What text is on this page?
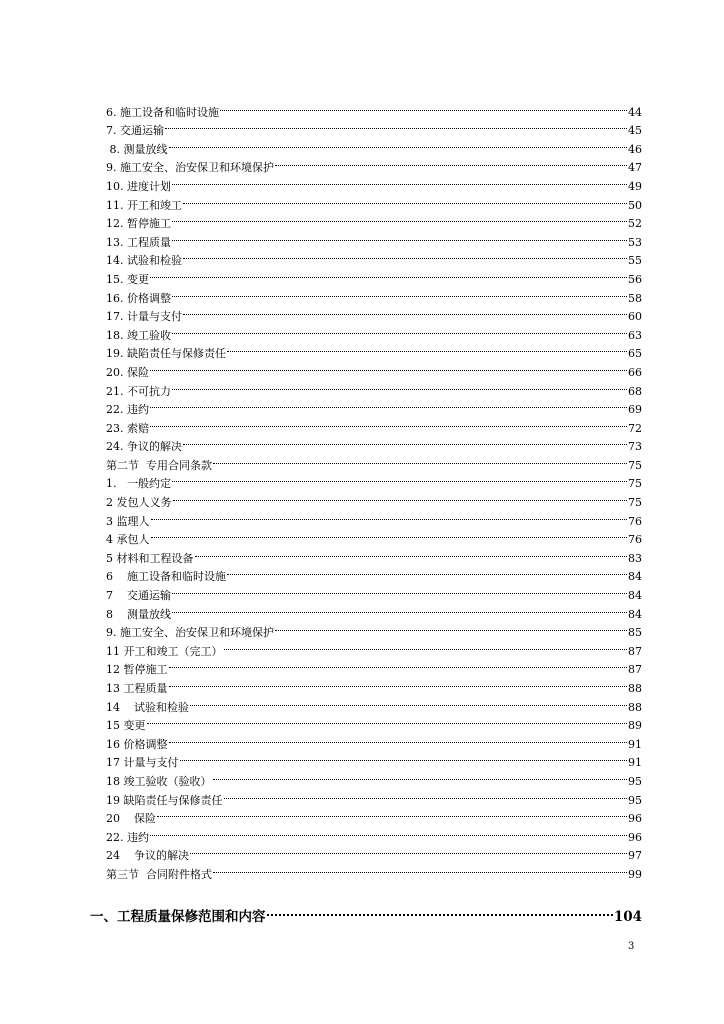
6. 施工设备和临时设施	44
7. 交通运输	45
8. 测量放线	46
9. 施工安全、治安保卫和环境保护	47
10. 进度计划	49
11. 开工和竣工	50
12. 暂停施工	52
13. 工程质量	53
14. 试验和检验	55
15. 变更	56
16. 价格调整	58
17. 计量与支付	60
18. 竣工验收	63
19. 缺陷责任与保修责任	65
20. 保险	66
21. 不可抗力	68
22. 违约	69
23. 索赔	72
24. 争议的解决	73
第二节  专用合同条款	75
1.   一般约定	75
2 发包人义务	75
3 监理人	76
4 承包人	76
5 材料和工程设备	83
6    施工设备和临时设施	84
7    交通运输	84
8    测量放线	84
9. 施工安全、治安保卫和环境保护	85
11 开工和竣工（完工）	87
12 暂停施工	87
13 工程质量	88
14    试验和检验	88
15 变更	89
16 价格调整	91
17 计量与支付	91
18 竣工验收（验收）	95
19 缺陷责任与保修责任	95
20    保险	96
22. 违约	96
24    争议的解决	97
第三节  合同附件格式	99
一、工程质量保修范围和内容	104
3
